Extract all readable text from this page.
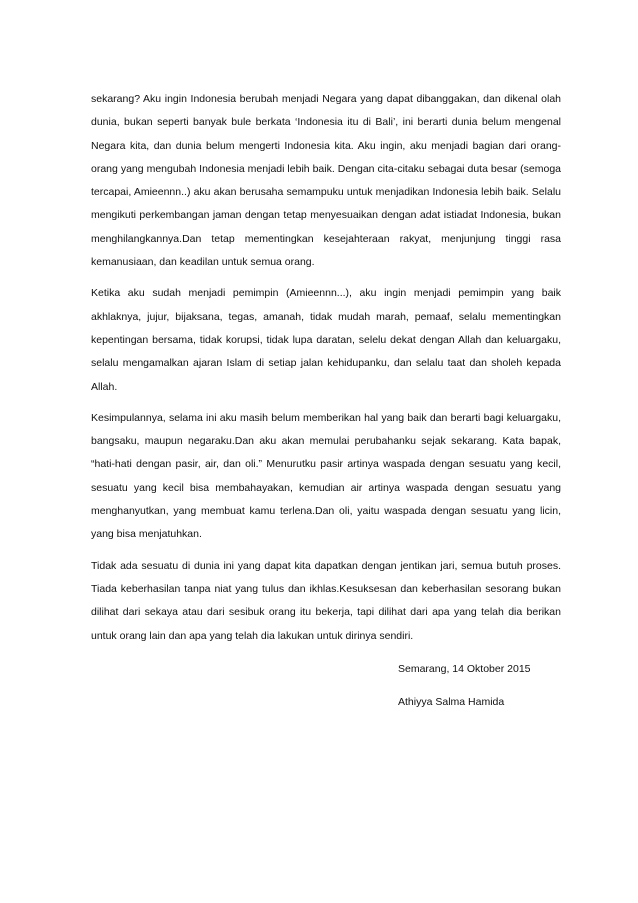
sekarang? Aku ingin Indonesia berubah menjadi Negara yang dapat dibanggakan, dan dikenal olah dunia, bukan seperti banyak bule berkata ‘Indonesia itu di Bali’, ini berarti dunia belum mengenal Negara kita, dan dunia belum mengerti Indonesia kita. Aku ingin, aku menjadi bagian dari orang-orang yang mengubah Indonesia menjadi lebih baik. Dengan cita-citaku sebagai duta besar (semoga tercapai, Amieennn..) aku akan berusaha semampuku untuk menjadikan Indonesia lebih baik. Selalu mengikuti perkembangan jaman dengan tetap menyesuaikan dengan adat istiadat Indonesia, bukan menghilangkannya.Dan tetap mementingkan kesejahteraan rakyat, menjunjung tinggi rasa kemanusiaan, dan keadilan untuk semua orang.

Ketika aku sudah menjadi pemimpin (Amieennn...), aku ingin menjadi pemimpin yang baik akhlaknya, jujur, bijaksana, tegas, amanah, tidak mudah marah, pemaaf, selalu mementingkan kepentingan bersama, tidak korupsi, tidak lupa daratan, selelu dekat dengan Allah dan keluargaku, selalu mengamalkan ajaran Islam di setiap jalan kehidupanku, dan selalu taat dan sholeh kepada Allah.

Kesimpulannya, selama ini aku masih belum memberikan hal yang baik dan berarti bagi keluargaku, bangsaku, maupun negaraku.Dan aku akan memulai perubahanku sejak sekarang. Kata bapak, “hati-hati dengan pasir, air, dan oli.” Menurutku pasir artinya waspada dengan sesuatu yang kecil, sesuatu yang kecil bisa membahayakan, kemudian air artinya waspada dengan sesuatu yang menghanyutkan, yang membuat kamu terlena.Dan oli, yaitu waspada dengan sesuatu yang licin, yang bisa menjatuhkan.

Tidak ada sesuatu di dunia ini yang dapat kita dapatkan dengan jentikan jari, semua butuh proses. Tiada keberhasilan tanpa niat yang tulus dan ikhlas.Kesuksesan dan keberhasilan sesorang bukan dilihat dari sekaya atau dari sesibuk orang itu bekerja, tapi dilihat dari apa yang telah dia berikan untuk orang lain dan apa yang telah dia lakukan untuk dirinya sendiri.

Semarang, 14 Oktober 2015

Athiyya Salma Hamida
